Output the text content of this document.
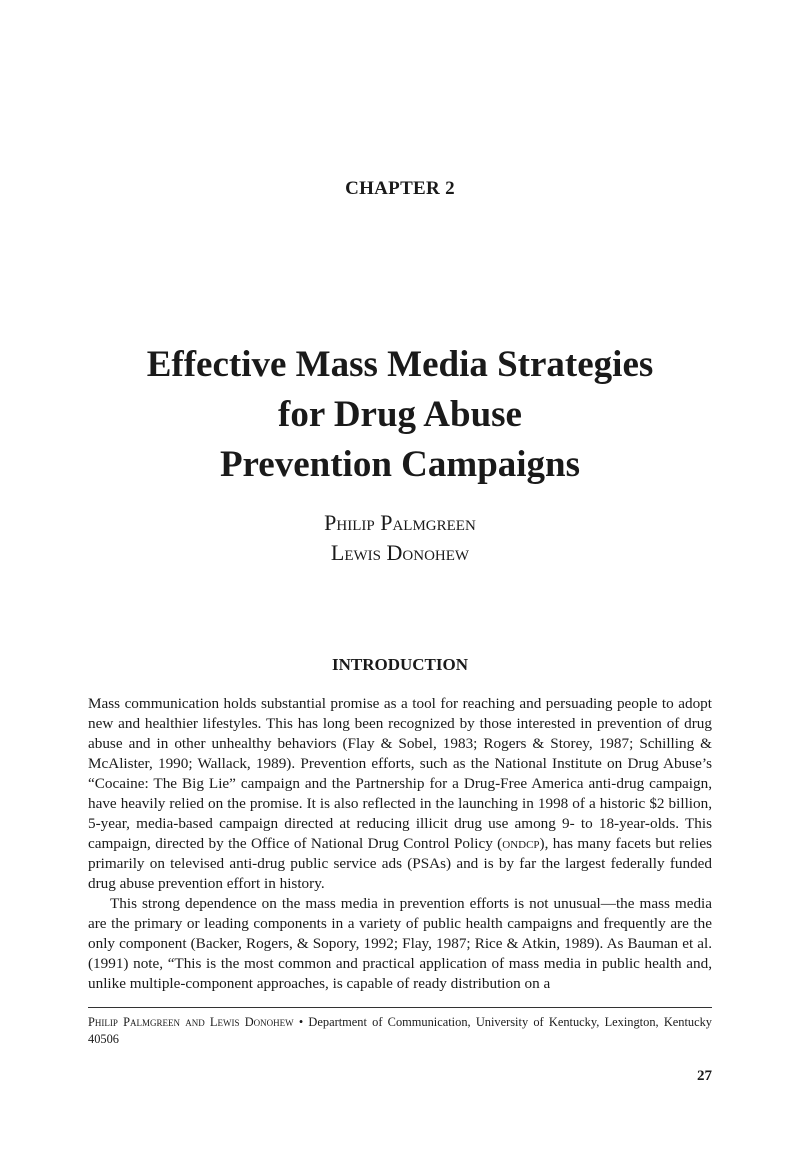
CHAPTER 2
Effective Mass Media Strategies
for Drug Abuse
Prevention Campaigns
Philip Palmgreen
Lewis Donohew
INTRODUCTION

Mass communication holds substantial promise as a tool for reaching and persuading people to adopt new and healthier lifestyles. This has long been recognized by those interested in prevention of drug abuse and in other unhealthy behaviors (Flay & Sobel, 1983; Rogers & Storey, 1987; Schilling & McAlister, 1990; Wallack, 1989). Prevention efforts, such as the National Institute on Drug Abuse’s “Cocaine: The Big Lie” campaign and the Partnership for a Drug-Free America anti-drug campaign, have heavily relied on the promise. It is also reflected in the launching in 1998 of a historic $2 billion, 5-year, media-based campaign directed at reducing illicit drug use among 9- to 18-year-olds. This campaign, directed by the Office of National Drug Control Policy (ondcp), has many facets but relies primarily on televised anti-drug public service ads (PSAs) and is by far the largest federally funded drug abuse prevention effort in history.

This strong dependence on the mass media in prevention efforts is not unusual—the mass media are the primary or leading components in a variety of public health campaigns and frequently are the only component (Backer, Rogers, & Sopory, 1992; Flay, 1987; Rice & Atkin, 1989). As Bauman et al. (1991) note, “This is the most common and practical application of mass media in public health and, unlike multiple-component approaches, is capable of ready distribution on a

Philip Palmgreen and Lewis Donohew • Department of Communication, University of Kentucky, Lexington, Kentucky 40506
27
